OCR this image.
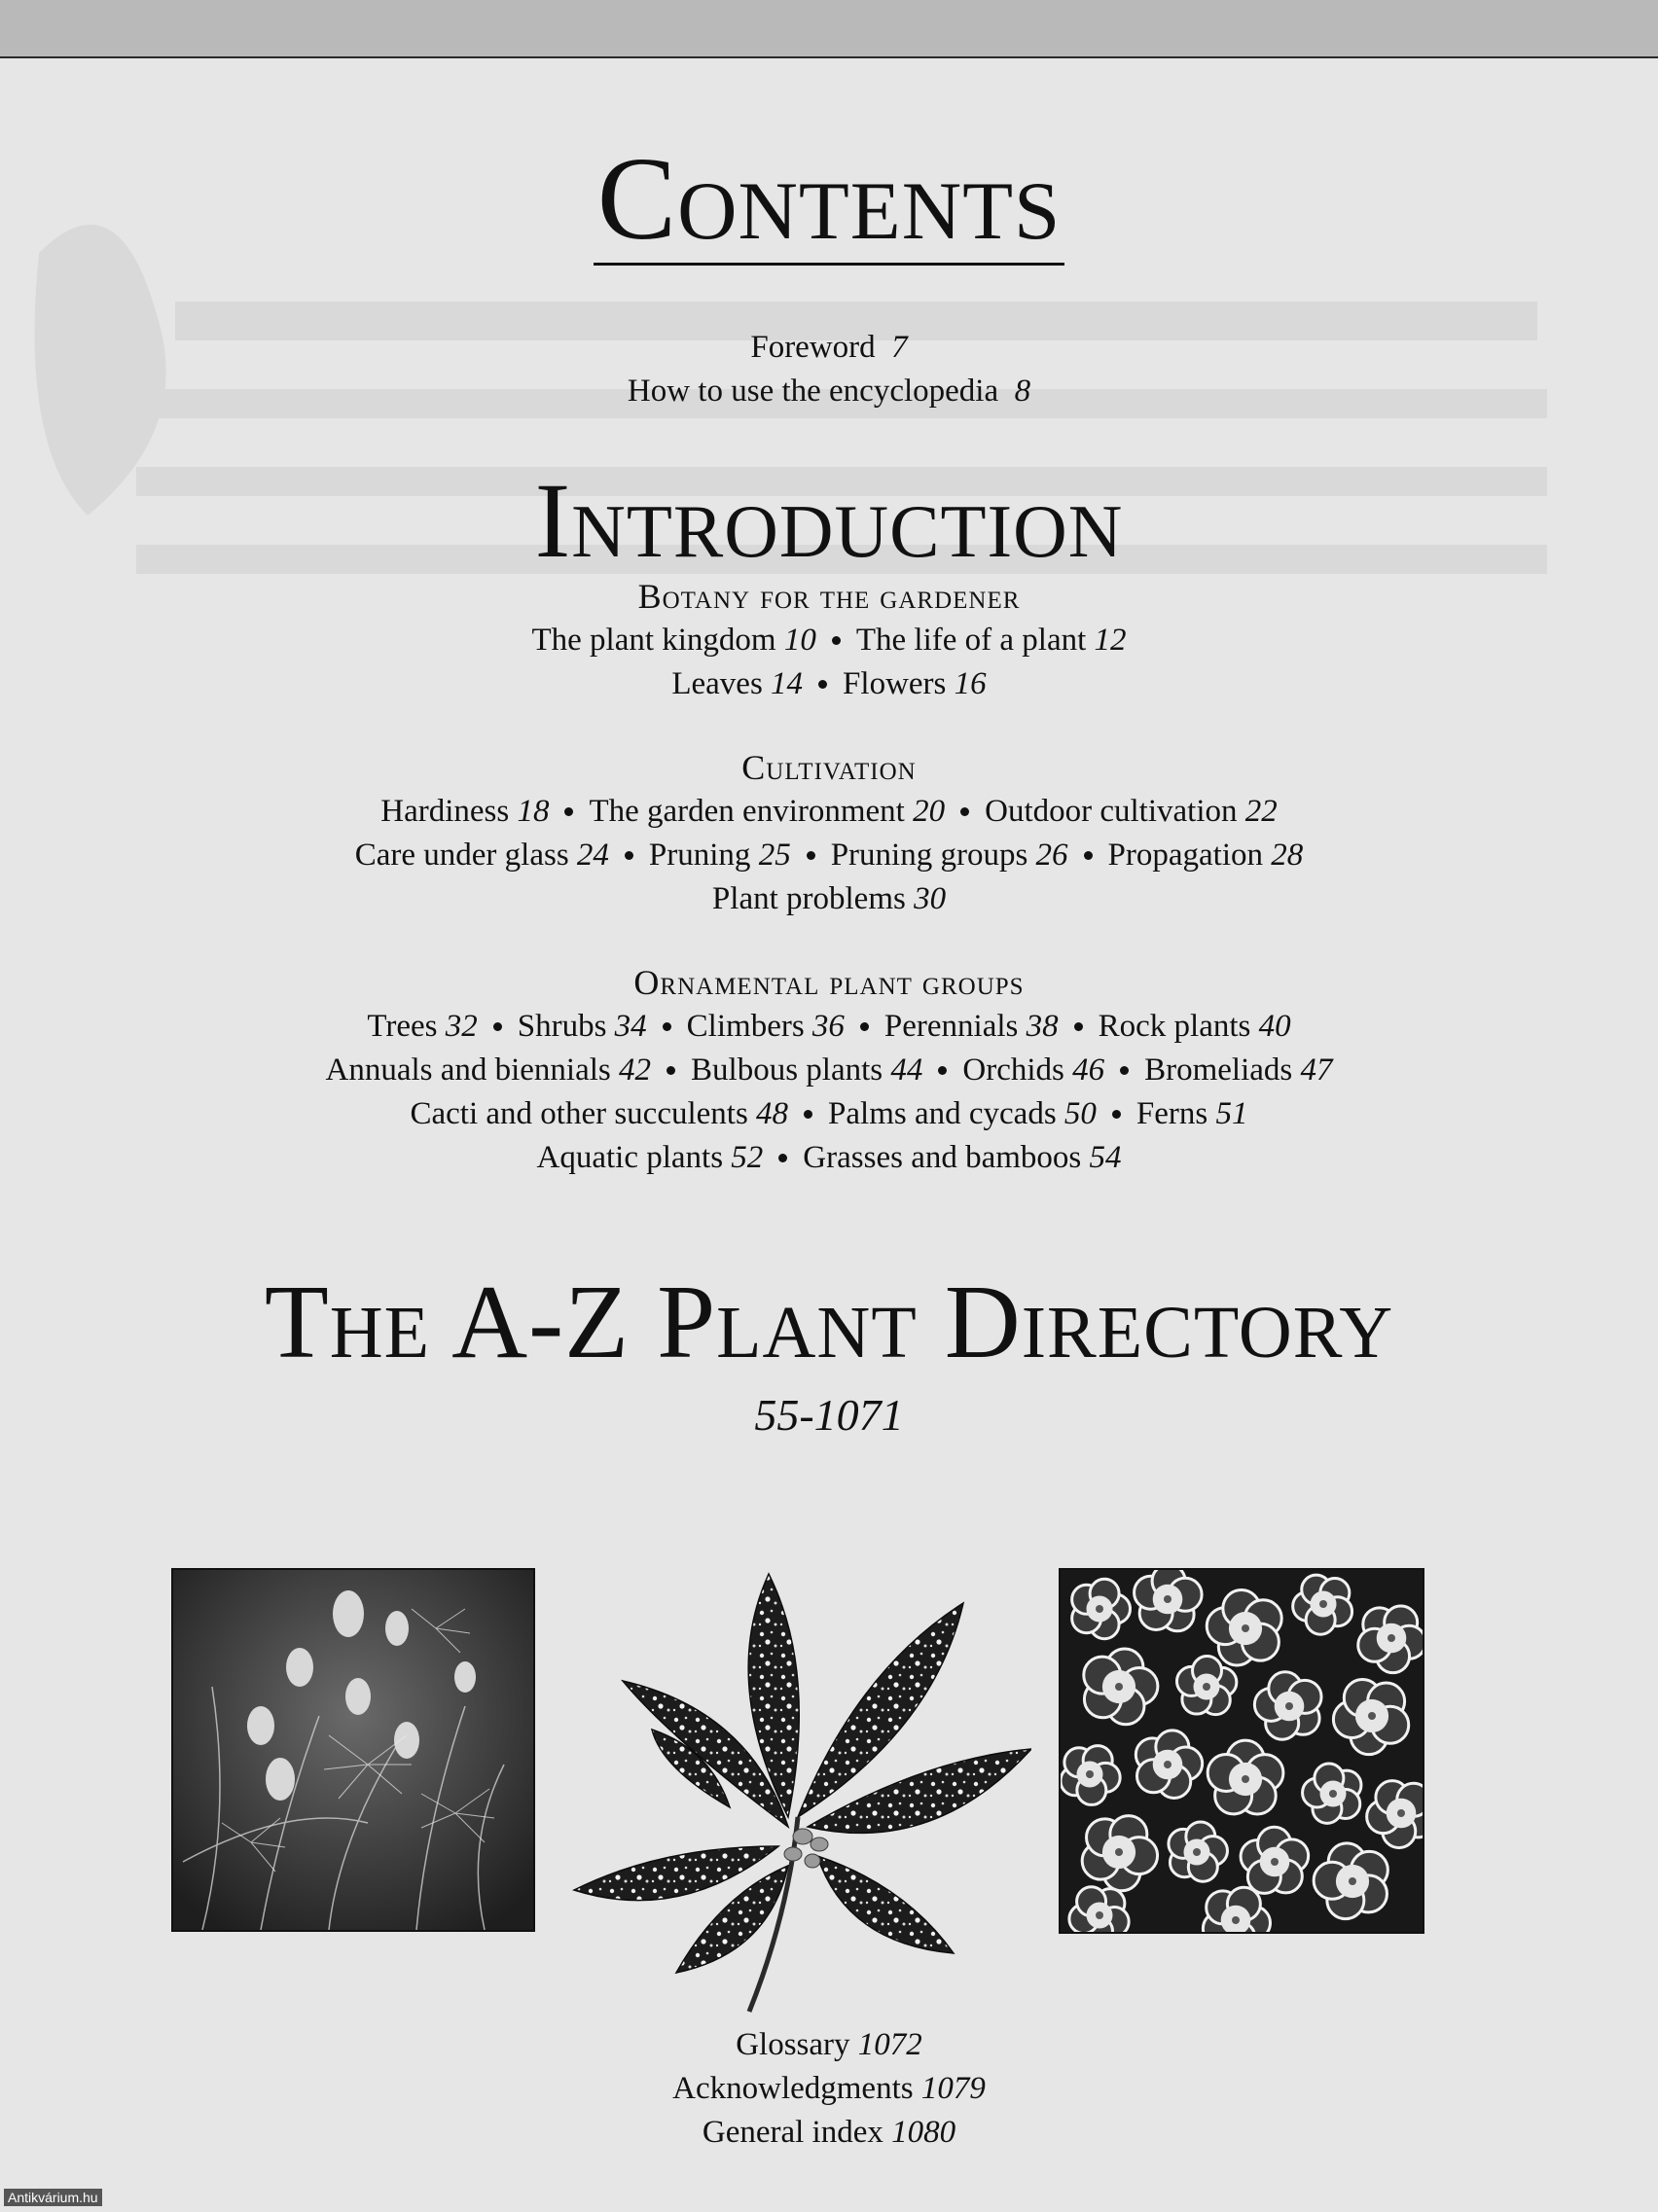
Contents
Foreword 7
How to use the encyclopedia 8
Introduction
Botany for the gardener
The plant kingdom 10 The life of a plant 12
Leaves 14 Flowers 16
Cultivation
Hardiness 18 The garden environment 20 Outdoor cultivation 22
Care under glass 24 Pruning 25 Pruning groups 26 Propagation 28
Plant problems 30
Ornamental plant groups
Trees 32 Shrubs 34 Climbers 36 Perennials 38 Rock plants 40
Annuals and biennials 42 Bulbous plants 44 Orchids 46 Bromeliads 47
Cacti and other succulents 48 Palms and cycads 50 Ferns 51
Aquatic plants 52 Grasses and bamboos 54
The A-Z Plant Directory
55-1071
Glossary 1072
Acknowledgments 1079
General index 1080
Antikvárium.hu
